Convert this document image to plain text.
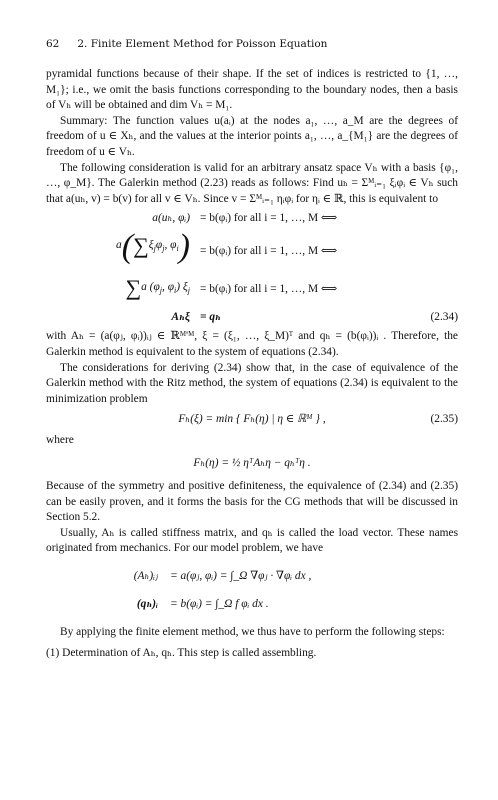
62 2. Finite Element Method for Poisson Equation

pyramidal functions because of their shape. If the set of indices is restricted to {1, …, M₁}; i.e., we omit the basis functions corresponding to the boundary nodes, then a basis of Vₕ will be obtained and dim Vₕ = M₁.

Summary: The function values u(aᵢ) at the nodes a₁, …, a_M are the degrees of freedom of u ∈ Xₕ, and the values at the interior points a₁, …, a_{M₁} are the degrees of freedom of u ∈ Vₕ.

The following consideration is valid for an arbitrary ansatz space Vₕ with a basis {φ₁, …, φ_M}. The Galerkin method (2.23) reads as follows: Find uₕ = Σᴹᵢ₌₁ ξᵢφᵢ ∈ Vₕ such that a(uₕ, v) = b(v) for all v ∈ Vₕ. Since v = Σᴹᵢ₌₁ ηᵢφᵢ for ηᵢ ∈ ℝ, this is equivalent to

a(uₕ, φᵢ) = b(φᵢ) for all i = 1, …, M ⟺
$a(\sum\xi_j\varphi_j$, $\varphi_i$) = b(φᵢ) for all i = 1, …, M ⟺
∑a ($\varphi_j$, $\varphi_i$) $\xi_j$ = b(φᵢ) for all i = 1, …, M ⟺
Aₕξ = qₕ	(2.34)

with Aₕ = (a(φⱼ, φᵢ))ᵢⱼ ∈ ℝᴹ'ᴹ, ξ = (ξ₁, …, ξ_M)ᵀ and qₕ = (b(φᵢ))ᵢ . Therefore, the Galerkin method is equivalent to the system of equations (2.34).

The considerations for deriving (2.34) show that, in the case of equivalence of the Galerkin method with the Ritz method, the system of equations (2.34) is equivalent to the minimization problem

Fₕ(ξ) = min { Fₕ(η) | η ∈ ℝᴹ } ,	(2.35)

where

Fₕ(η) = ½ ηᵀAₕη − qₕᵀη .

Because of the symmetry and positive definiteness, the equivalence of (2.34) and (2.35) can be easily proven, and it forms the basis for the CG methods that will be discussed in Section 5.2.

Usually, Aₕ is called stiffness matrix, and qₕ is called the load vector. These names originated from mechanics. For our model problem, we have

(Aₕ)ᵢⱼ = a(φⱼ, φᵢ) = ∫_Ω ∇φⱼ · ∇φᵢ dx ,
(qₕ)ᵢ = b(φᵢ) = ∫_Ω f φᵢ dx .

By applying the finite element method, we thus have to perform the following steps:

(1) Determination of Aₕ, qₕ. This step is called assembling.
